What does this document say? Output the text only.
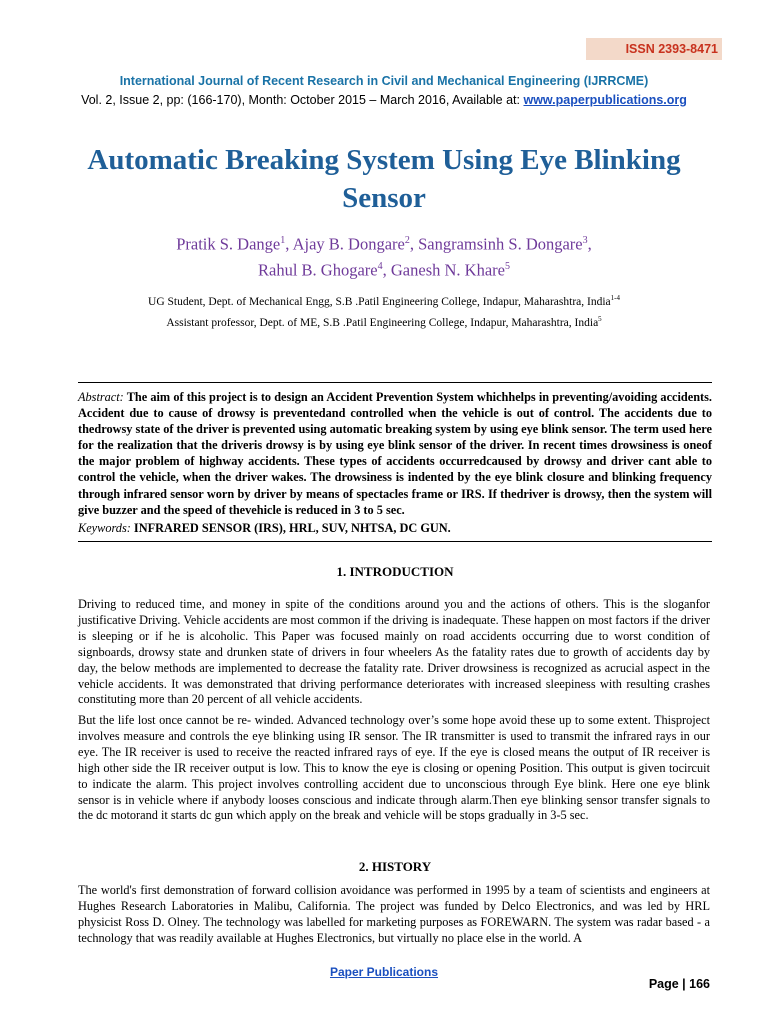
ISSN 2393-8471
International Journal of Recent Research in Civil and Mechanical Engineering (IJRRCME)
Vol. 2, Issue 2, pp: (166-170), Month: October 2015 – March 2016, Available at: www.paperpublications.org
Automatic Breaking System Using Eye Blinking Sensor
Pratik S. Dange$^1$, Ajay B. Dongare$^2$, Sangramsinh S. Dongare$^3$,
Rahul B. Ghogare$^4$, Ganesh N. Khare$^5$
UG Student, Dept. of Mechanical Engg, S.B .Patil Engineering College, Indapur, Maharashtra, India$^{1-4}$
Assistant professor, Dept. of ME, S.B .Patil Engineering College, Indapur, Maharashtra, India$^5$
Abstract: The aim of this project is to design an Accident Prevention System whichhelps in preventing/avoiding accidents. Accident due to cause of drowsy is preventedand controlled when the vehicle is out of control. The accidents due to thedrowsy state of the driver is prevented using automatic breaking system by using eye blink sensor. The term used here for the realization that the driveris drowsy is by using eye blink sensor of the driver. In recent times drowsiness is oneof the major problem of highway accidents. These types of accidents occurredcaused by drowsy and driver cant able to control the vehicle, when the driver wakes. The drowsiness is indented by the eye blink closure and blinking frequency through infrared sensor worn by driver by means of spectacles frame or IRS. If thedriver is drowsy, then the system will give buzzer and the speed of thevehicle is reduced in 3 to 5 sec.
Keywords: INFRARED SENSOR (IRS), HRL, SUV, NHTSA, DC GUN.
1. INTRODUCTION
Driving to reduced time, and money in spite of the conditions around you and the actions of others. This is the sloganfor justificative Driving. Vehicle accidents are most common if the driving is inadequate. These happen on most factors if the driver is sleeping or if he is alcoholic. This Paper was focused mainly on road accidents occurring due to worst condition of signboards, drowsy state and drunken state of drivers in four wheelers As the fatality rates due to growth of accidents day by day, the below methods are implemented to decrease the fatality rate. Driver drowsiness is recognized as acrucial aspect in the vehicle accidents. It was demonstrated that driving performance deteriorates with increased sleepiness with resulting crashes constituting more than 20 percent of all vehicle accidents.
But the life lost once cannot be re- winded. Advanced technology over’s some hope avoid these up to some extent. Thisproject involves measure and controls the eye blinking using IR sensor. The IR transmitter is used to transmit the infrared rays in our eye. The IR receiver is used to receive the reacted infrared rays of eye. If the eye is closed means the output of IR receiver is high other side the IR receiver output is low. This to know the eye is closing or opening Position. This output is given tocircuit to indicate the alarm. This project involves controlling accident due to unconscious through Eye blink. Here one eye blink sensor is in vehicle where if anybody looses conscious and indicate through alarm.Then eye blinking sensor transfer signals to the dc motorand it starts dc gun which apply on the break and vehicle will be stops gradually in 3-5 sec.
2. HISTORY
The world's first demonstration of forward collision avoidance was performed in 1995 by a team of scientists and engineers at Hughes Research Laboratories in Malibu, California. The project was funded by Delco Electronics, and was led by HRL physicist Ross D. Olney. The technology was labelled for marketing purposes as FOREWARN. The system was radar based - a technology that was readily available at Hughes Electronics, but virtually no place else in the world. A
Paper Publications
Page | 166
